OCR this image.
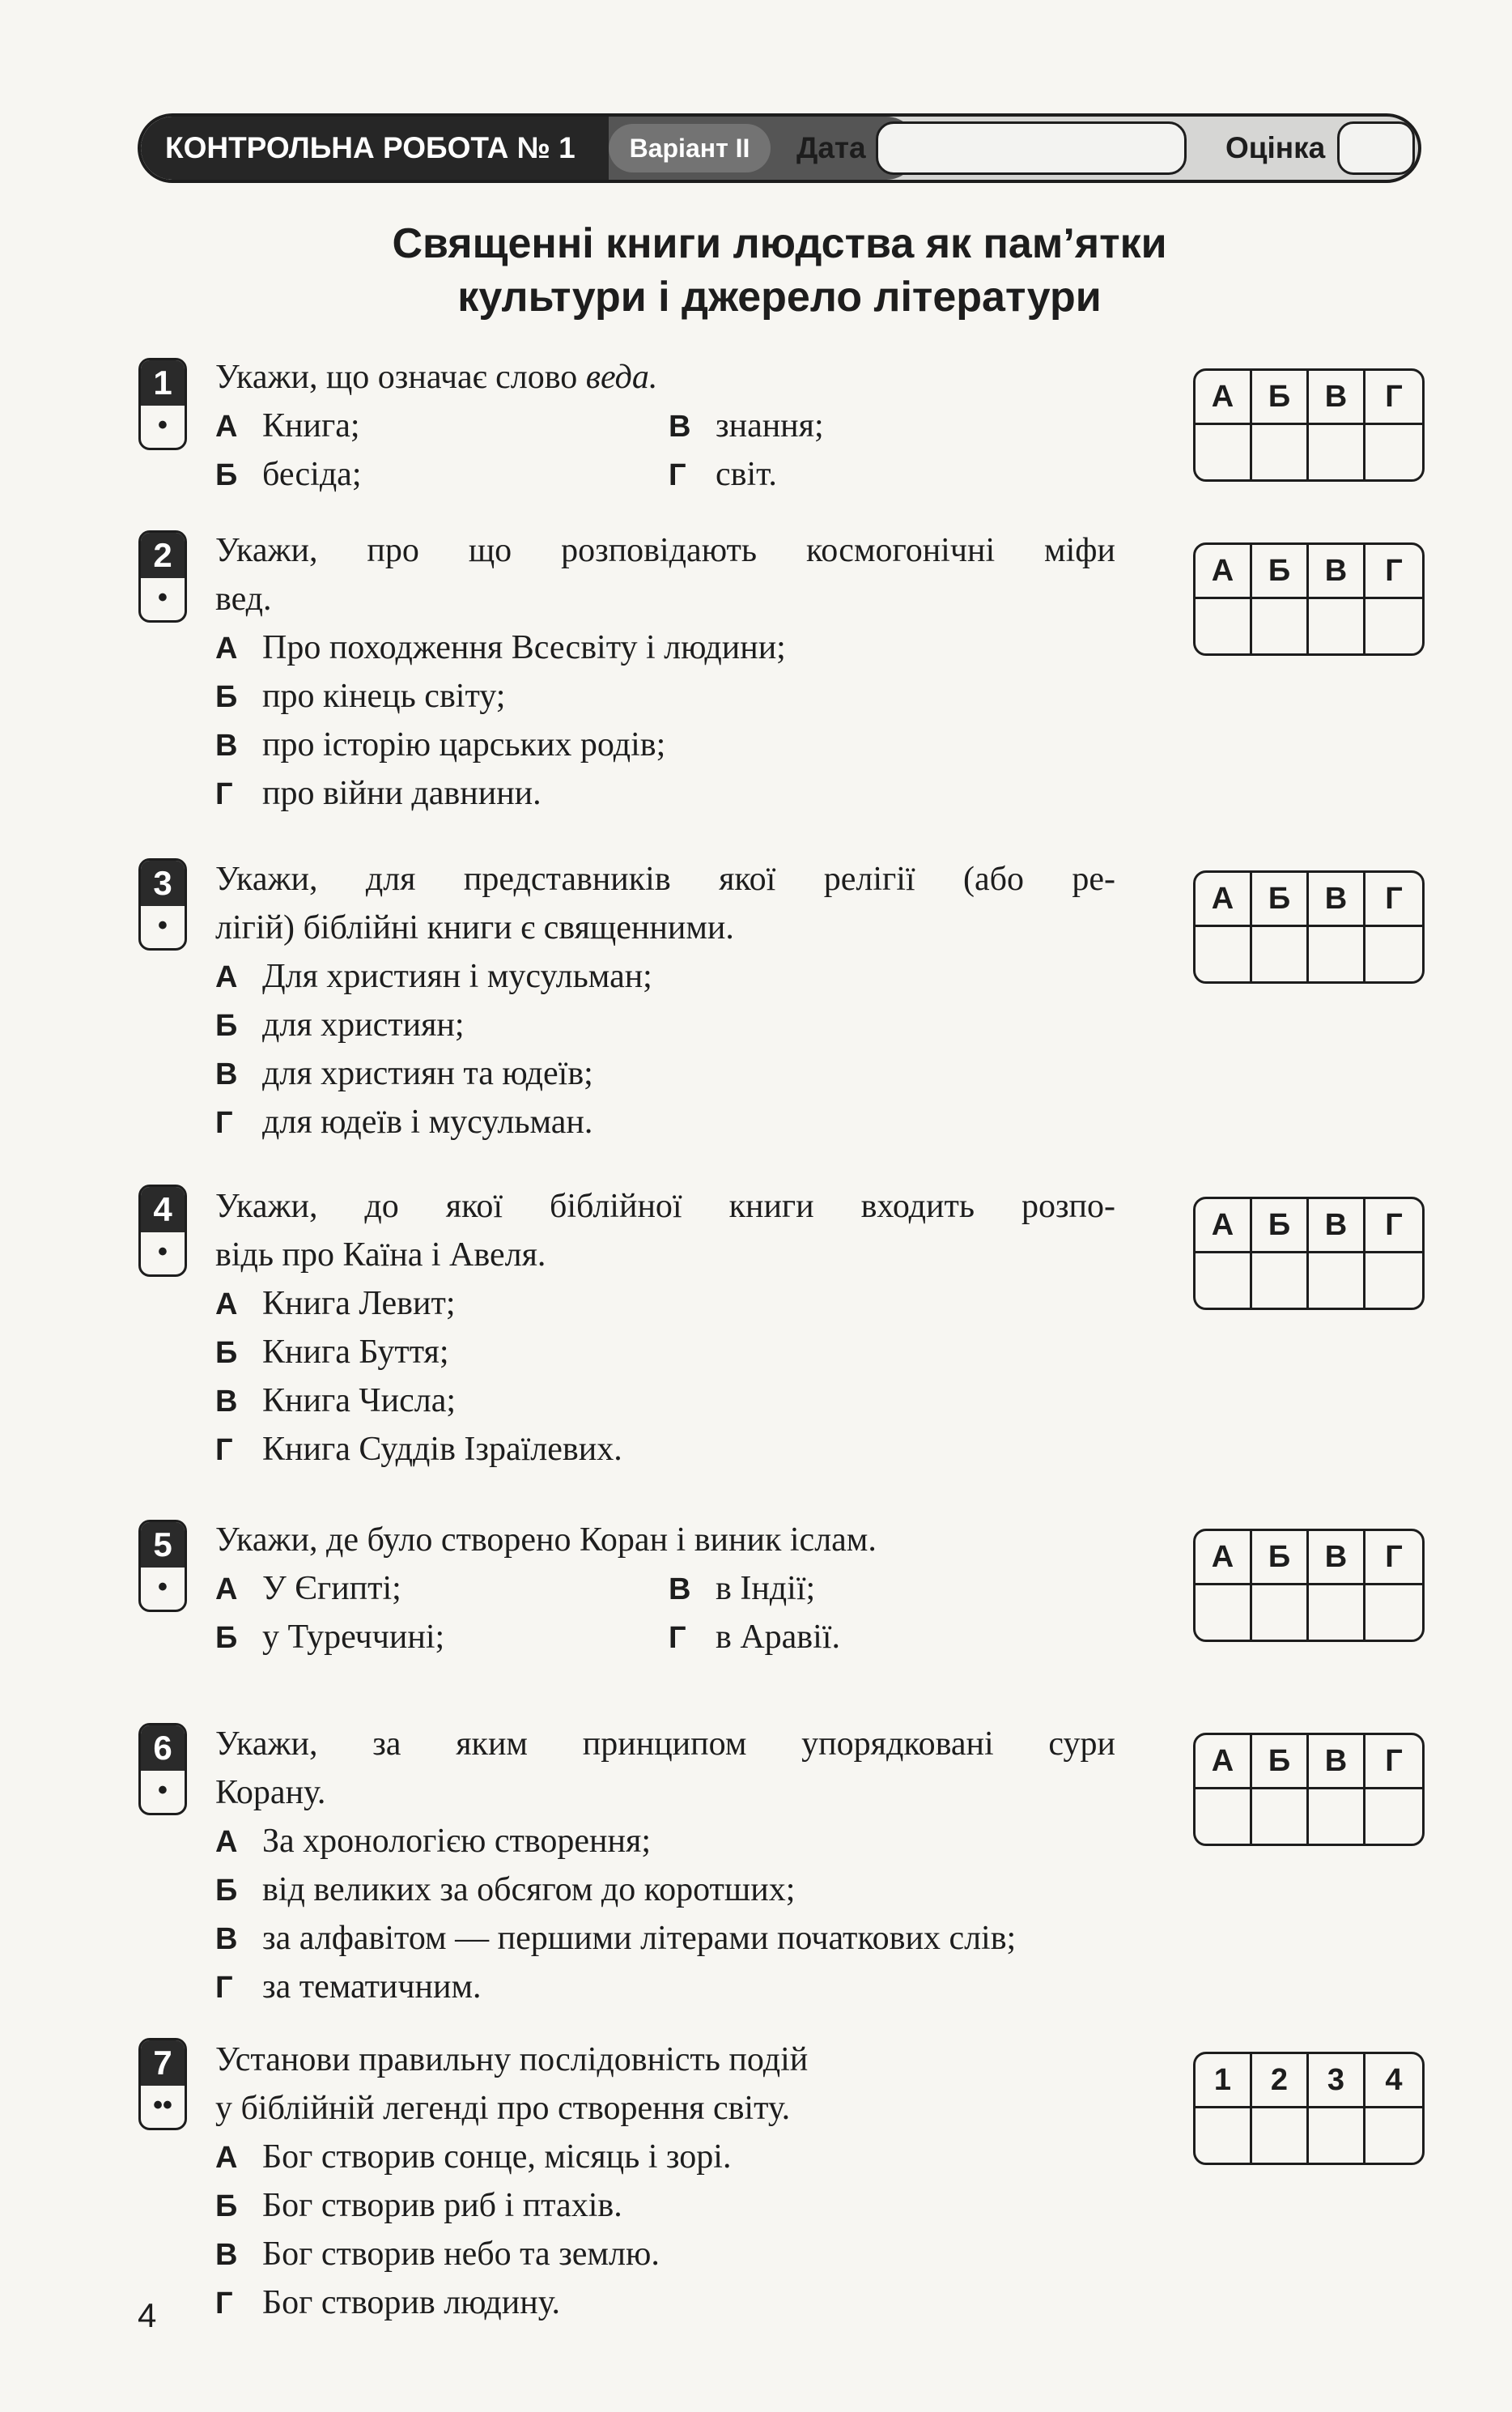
КОНТРОЛЬНА РОБОТА № 1	Варіант ІІ	Дата	Оцінка
Священні книги людства як пам’ятки
культури і джерело літератури
1
•
Укажи, що означає слово веда.
А Книга;	В знання;
Б бесіда;	Г світ.
А	Б	В	Г
2
•
Укажи, про що розповідають космогонічні міфи
вед.
А Про походження Всесвіту і людини;
Б про кінець світу;
В про історію царських родів;
Г про війни давнини.
А	Б	В	Г
3
•
Укажи, для представників якої релігії (або ре-
лігій) біблійні книги є священними.
А Для християн і мусульман;
Б для християн;
В для християн та юдеїв;
Г для юдеїв і мусульман.
А	Б	В	Г
4
•
Укажи, до якої біблійної книги входить розпо-
відь про Каїна і Авеля.
А Книга Левит;
Б Книга Буття;
В Книга Числа;
Г Книга Суддів Ізраїлевих.
А	Б	В	Г
5
•
Укажи, де було створено Коран і виник іслам.
А У Єгипті;	В в Індії;
Б у Туреччині;	Г в Аравії.
А	Б	В	Г
6
•
Укажи, за яким принципом упорядковані сури
Корану.
А За хронологією створення;
Б від великих за обсягом до коротших;
В за алфавітом — першими літерами початкових слів;
Г за тематичним.
А	Б	В	Г
7
••
Установи правильну послідовність подій
у біблійній легенді про створення світу.
А Бог створив сонце, місяць і зорі.
Б Бог створив риб і птахів.
В Бог створив небо та землю.
Г Бог створив людину.
1	2	3	4
4
